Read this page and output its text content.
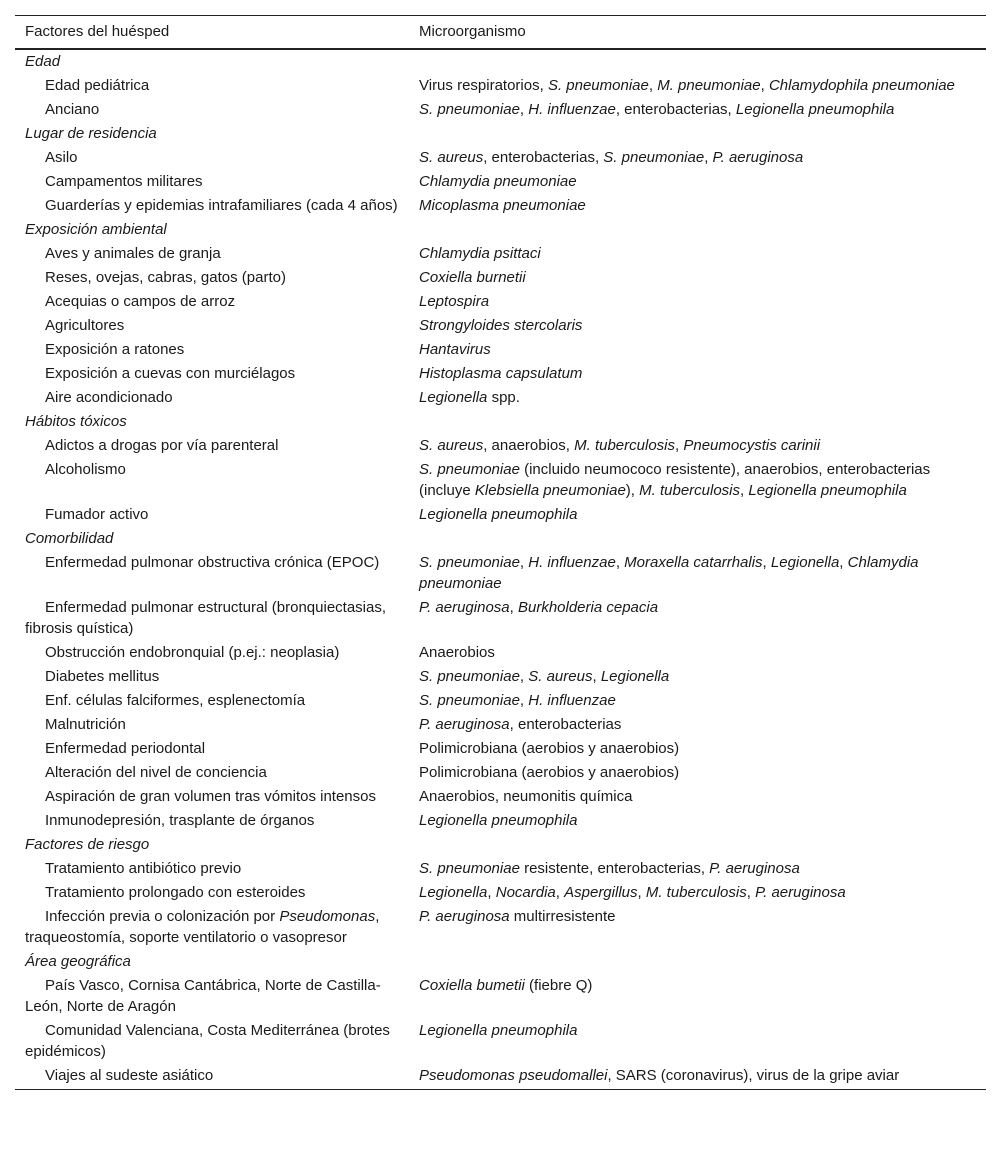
Factores del huésped	Microorganismo
Edad	
Edad pediátrica	Virus respiratorios, S. pneumoniae, M. pneumoniae, Chlamydophila pneumoniae
Anciano	S. pneumoniae, H. influenzae, enterobacterias, Legionella pneumophila
Lugar de residencia	
Asilo	S. aureus, enterobacterias, S. pneumoniae, P. aeruginosa
Campamentos militares	Chlamydia pneumoniae
Guarderías y epidemias intrafamiliares (cada 4 años)	Micoplasma pneumoniae
Exposición ambiental	
Aves y animales de granja	Chlamydia psittaci
Reses, ovejas, cabras, gatos (parto)	Coxiella burnetii
Acequias o campos de arroz	Leptospira
Agricultores	Strongyloides stercolaris
Exposición a ratones	Hantavirus
Exposición a cuevas con murciélagos	Histoplasma capsulatum
Aire acondicionado	Legionella spp.
Hábitos tóxicos	
Adictos a drogas por vía parenteral	S. aureus, anaerobios, M. tuberculosis, Pneumocystis carinii
Alcoholismo	S. pneumoniae (incluido neumococo resistente), anaerobios, enterobacterias (incluye Klebsiella pneumoniae), M. tuberculosis, Legionella pneumophila
Fumador activo	Legionella pneumophila
Comorbilidad	
Enfermedad pulmonar obstructiva crónica (EPOC)	S. pneumoniae, H. influenzae, Moraxella catarrhalis, Legionella, Chlamydia pneumoniae
Enfermedad pulmonar estructural (bronquiectasias, fibrosis quística)	P. aeruginosa, Burkholderia cepacia
Obstrucción endobronquial (p.ej.: neoplasia)	Anaerobios
Diabetes mellitus	S. pneumoniae, S. aureus, Legionella
Enf. células falciformes, esplenectomía	S. pneumoniae, H. influenzae
Malnutrición	P. aeruginosa, enterobacterias
Enfermedad periodontal	Polimicrobiana (aerobios y anaerobios)
Alteración del nivel de conciencia	Polimicrobiana (aerobios y anaerobios)
Aspiración de gran volumen tras vómitos intensos	Anaerobios, neumonitis química
Inmunodepresión, trasplante de órganos	Legionella pneumophila
Factores de riesgo	
Tratamiento antibiótico previo	S. pneumoniae resistente, enterobacterias, P. aeruginosa
Tratamiento prolongado con esteroides	Legionella, Nocardia, Aspergillus, M. tuberculosis, P. aeruginosa
Infección previa o colonización por Pseudomonas, traqueostomía, soporte ventilatorio o vasopresor	P. aeruginosa multirresistente
Área geográfica	
País Vasco, Cornisa Cantábrica, Norte de Castilla-León, Norte de Aragón	Coxiella bumetii (fiebre Q)
Comunidad Valenciana, Costa Mediterránea (brotes epidémicos)	Legionella pneumophila
Viajes al sudeste asiático	Pseudomonas pseudomallei, SARS (coronavirus), virus de la gripe aviar
